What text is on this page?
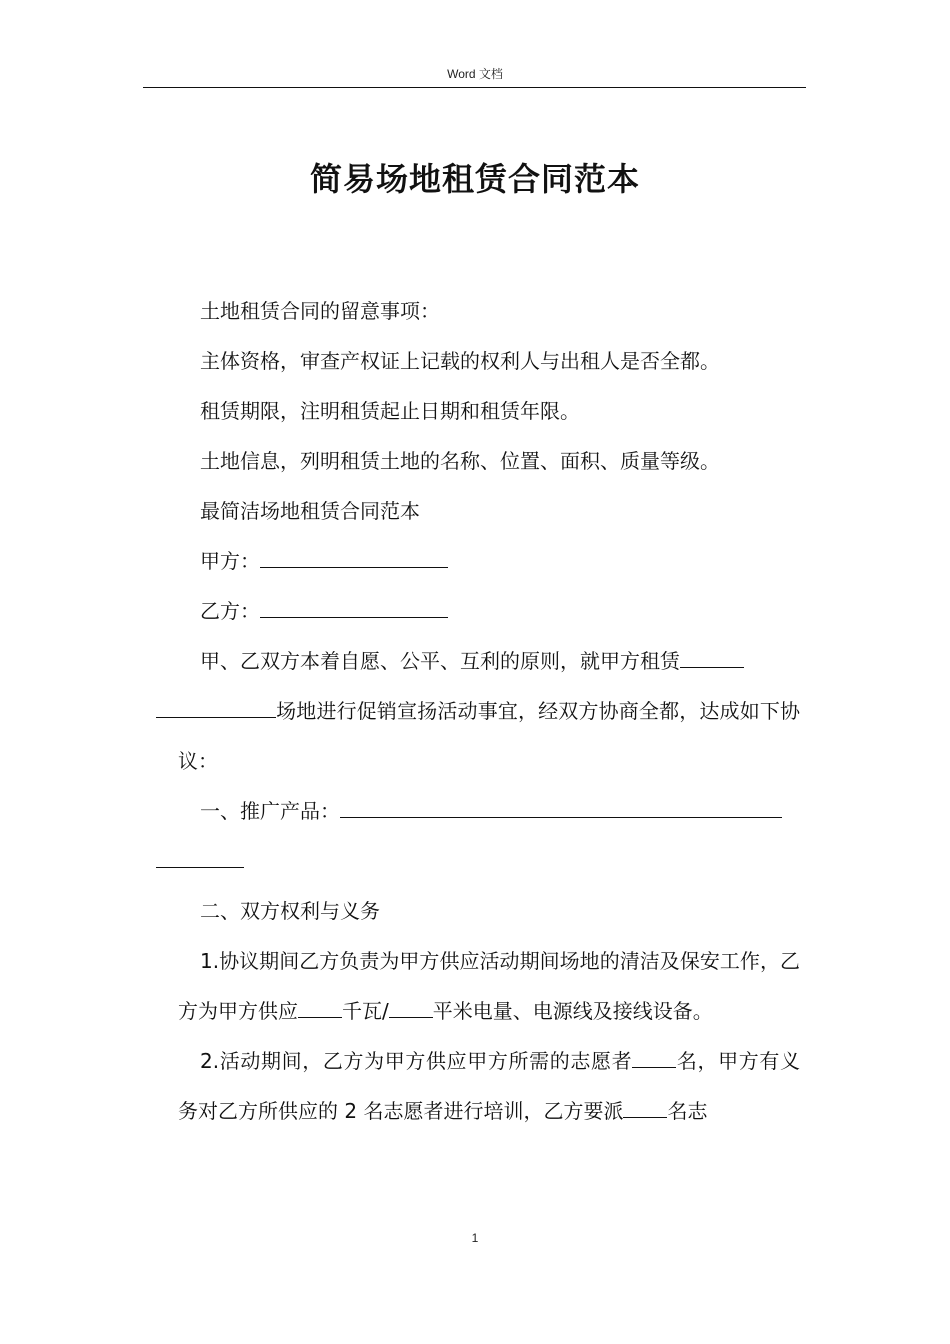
Word 文档
简易场地租赁合同范本

土地租赁合同的留意事项：

主体资格，审查产权证上记载的权利人与出租人是否全都。

租赁期限，注明租赁起止日期和租赁年限。

土地信息，列明租赁土地的名称、位置、面积、质量等级。

最简洁场地租赁合同范本

甲方：

乙方：

甲、乙双方本着自愿、公平、互利的原则，就甲方租赁
场地进行促销宣扬活动事宜，经双方协商全都，达成如下协议：

一、推广产品：

二、双方权利与义务

1.协议期间乙方负责为甲方供应活动期间场地的清洁及保安工作，乙方为甲方供应 千瓦/ 平米电量、电源线及接线设备。

2.活动期间，乙方为甲方供应甲方所需的志愿者 名，甲方有义务对乙方所供应的 2 名志愿者进行培训，乙方要派 名志

1
